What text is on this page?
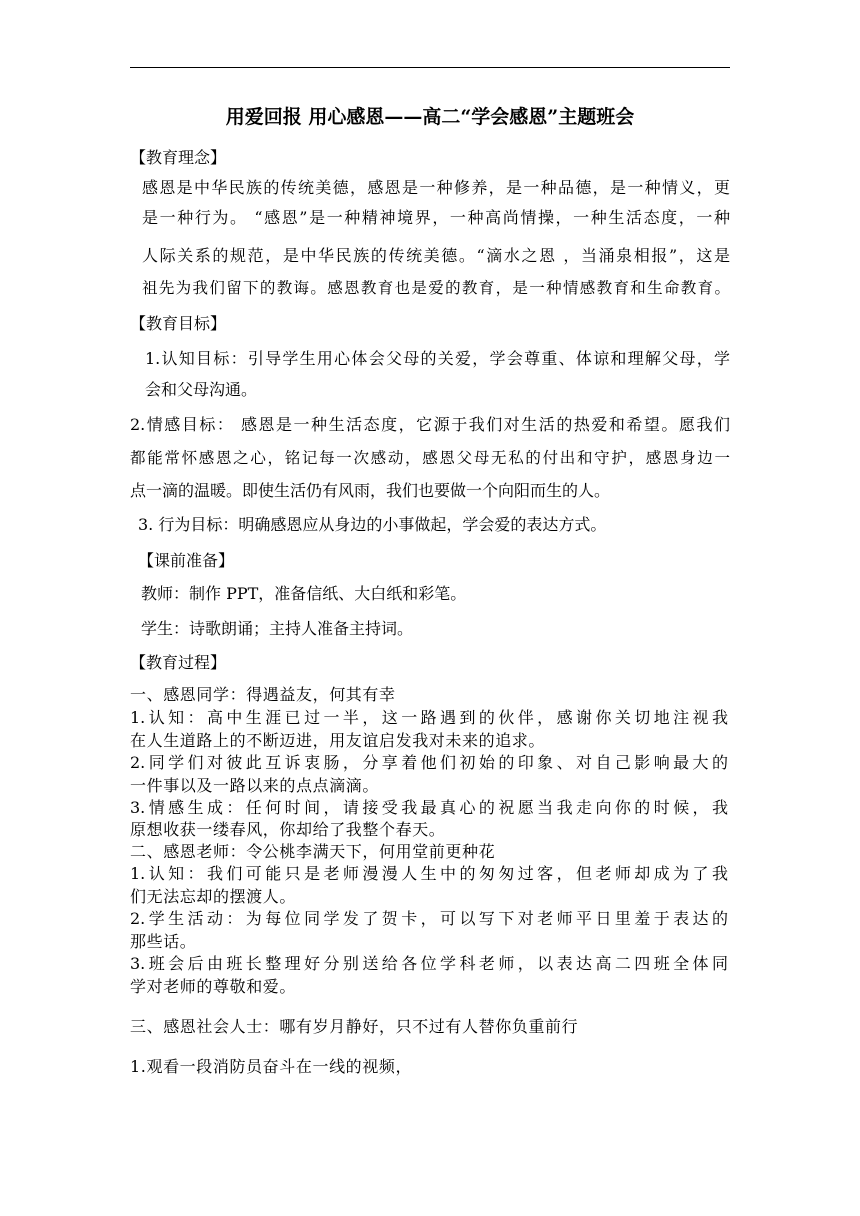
用爱回报 用心感恩——高二“学会感恩”主题班会
【教育理念】
感恩是中华民族的传统美德，感恩是一种修养，是一种品德，是一种情义，更
是一种行为。 “感恩”是一种精神境界，一种高尚情操，一种生活态度，一种
人际关系的规范，是中华民族的传统美德。“滴水之恩 ，当涌泉相报”，这是
祖先为我们留下的教诲。感恩教育也是爱的教育，是一种情感教育和生命教育。
【教育目标】
1.认知目标：引导学生用心体会父母的关爱，学会尊重、体谅和理解父母，学
会和父母沟通。
2.情感目标： 感恩是一种生活态度，它源于我们对生活的热爱和希望。愿我们
都能常怀感恩之心，铭记每一次感动，感恩父母无私的付出和守护，感恩身边一
点一滴的温暖。即使生活仍有风雨，我们也要做一个向阳而生的人。
3. 行为目标：明确感恩应从身边的小事做起，学会爱的表达方式。
【课前准备】
教师：制作 PPT，准备信纸、大白纸和彩笔。
学生：诗歌朗诵；主持人准备主持词。
【教育过程】
一、感恩同学：得遇益友，何其有幸
1.认知：高中生涯已过一半，这一路遇到的伙伴，感谢你关切地注视我
在人生道路上的不断迈进，用友谊启发我对未来的追求。
2.同学们对彼此互诉衷肠，分享着他们初始的印象、对自己影响最大的
一件事以及一路以来的点点滴滴。
3.情感生成：任何时间，请接受我最真心的祝愿当我走向你的时候，我
原想收获一缕春风，你却给了我整个春天。
二、感恩老师：令公桃李满天下，何用堂前更种花
1.认知：我们可能只是老师漫漫人生中的匆匆过客，但老师却成为了我
们无法忘却的摆渡人。
2.学生活动：为每位同学发了贺卡，可以写下对老师平日里羞于表达的
那些话。
3.班会后由班长整理好分别送给各位学科老师，以表达高二四班全体同
学对老师的尊敬和爱。
三、感恩社会人士：哪有岁月静好，只不过有人替你负重前行
1.观看一段消防员奋斗在一线的视频，
